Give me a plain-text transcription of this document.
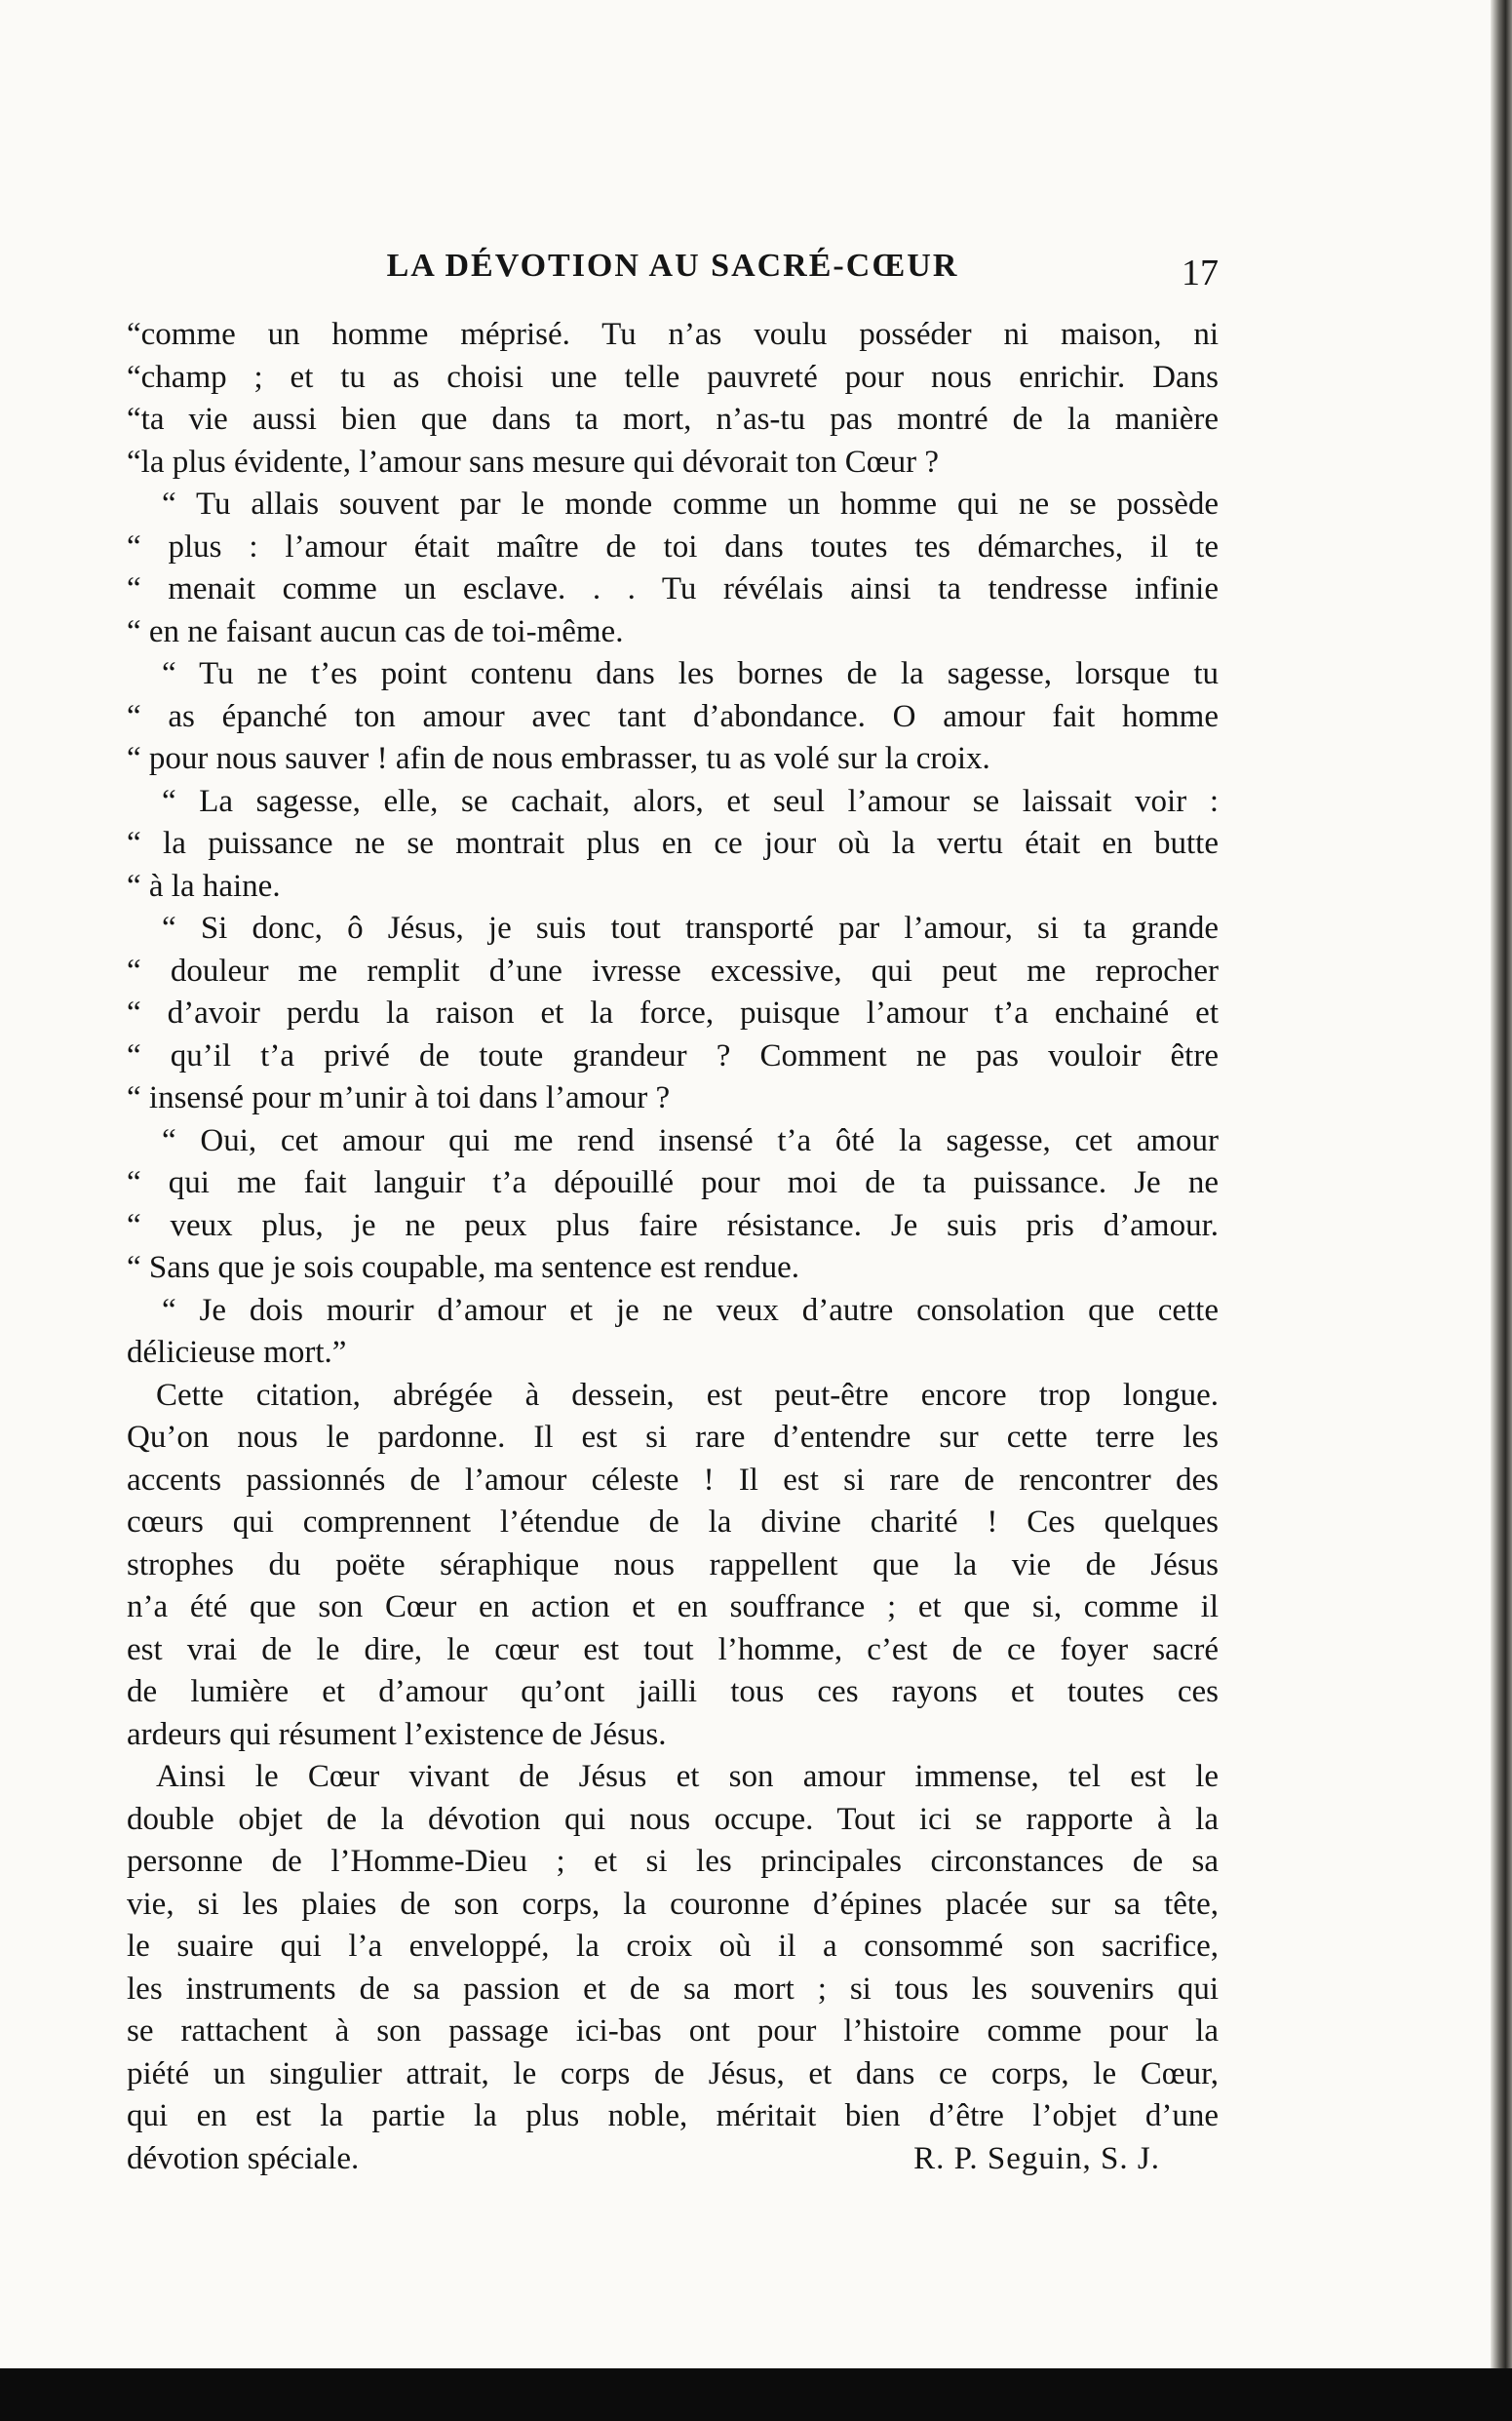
LA DÉVOTION AU SACRÉ-CŒUR	17
“comme un homme méprisé. Tu n’as voulu posséder ni maison, ni
“champ ; et tu as choisi une telle pauvreté pour nous enrichir. Dans
“ta vie aussi bien que dans ta mort, n’as-tu pas montré de la manière
“la plus évidente, l’amour sans mesure qui dévorait ton Cœur ?
“ Tu allais souvent par le monde comme un homme qui ne se possède
“ plus : l’amour était maître de toi dans toutes tes démarches, il te
“ menait comme un esclave. . . Tu révélais ainsi ta tendresse infinie
“ en ne faisant aucun cas de toi-même.
“ Tu ne t’es point contenu dans les bornes de la sagesse, lorsque tu
“ as épanché ton amour avec tant d’abondance. O amour fait homme
“ pour nous sauver ! afin de nous embrasser, tu as volé sur la croix.
“ La sagesse, elle, se cachait, alors, et seul l’amour se laissait voir :
“ la puissance ne se montrait plus en ce jour où la vertu était en butte
“ à la haine.
“ Si donc, ô Jésus, je suis tout transporté par l’amour, si ta grande
“ douleur me remplit d’une ivresse excessive, qui peut me reprocher
“ d’avoir perdu la raison et la force, puisque l’amour t’a enchainé et
“ qu’il t’a privé de toute grandeur ? Comment ne pas vouloir être
“ insensé pour m’unir à toi dans l’amour ?
“ Oui, cet amour qui me rend insensé t’a ôté la sagesse, cet amour
“ qui me fait languir t’a dépouillé pour moi de ta puissance. Je ne
“ veux plus, je ne peux plus faire résistance. Je suis pris d’amour.
“ Sans que je sois coupable, ma sentence est rendue.
“ Je dois mourir d’amour et je ne veux d’autre consolation que cette
délicieuse mort.”
Cette citation, abrégée à dessein, est peut-être encore trop longue.
Qu’on nous le pardonne. Il est si rare d’entendre sur cette terre les
accents passionnés de l’amour céleste ! Il est si rare de rencontrer des
cœurs qui comprennent l’étendue de la divine charité ! Ces quelques
strophes du poëte séraphique nous rappellent que la vie de Jésus
n’a été que son Cœur en action et en souffrance ; et que si, comme il
est vrai de le dire, le cœur est tout l’homme, c’est de ce foyer sacré
de lumière et d’amour qu’ont jailli tous ces rayons et toutes ces
ardeurs qui résument l’existence de Jésus.
Ainsi le Cœur vivant de Jésus et son amour immense, tel est le
double objet de la dévotion qui nous occupe. Tout ici se rapporte à la
personne de l’Homme-Dieu ; et si les principales circonstances de sa
vie, si les plaies de son corps, la couronne d’épines placée sur sa tête,
le suaire qui l’a enveloppé, la croix où il a consommé son sacrifice,
les instruments de sa passion et de sa mort ; si tous les souvenirs qui
se rattachent à son passage ici-bas ont pour l’histoire comme pour la
piété un singulier attrait, le corps de Jésus, et dans ce corps, le Cœur,
qui en est la partie la plus noble, méritait bien d’être l’objet d’une
dévotion spéciale.	R. P. Seguin, S. J.
